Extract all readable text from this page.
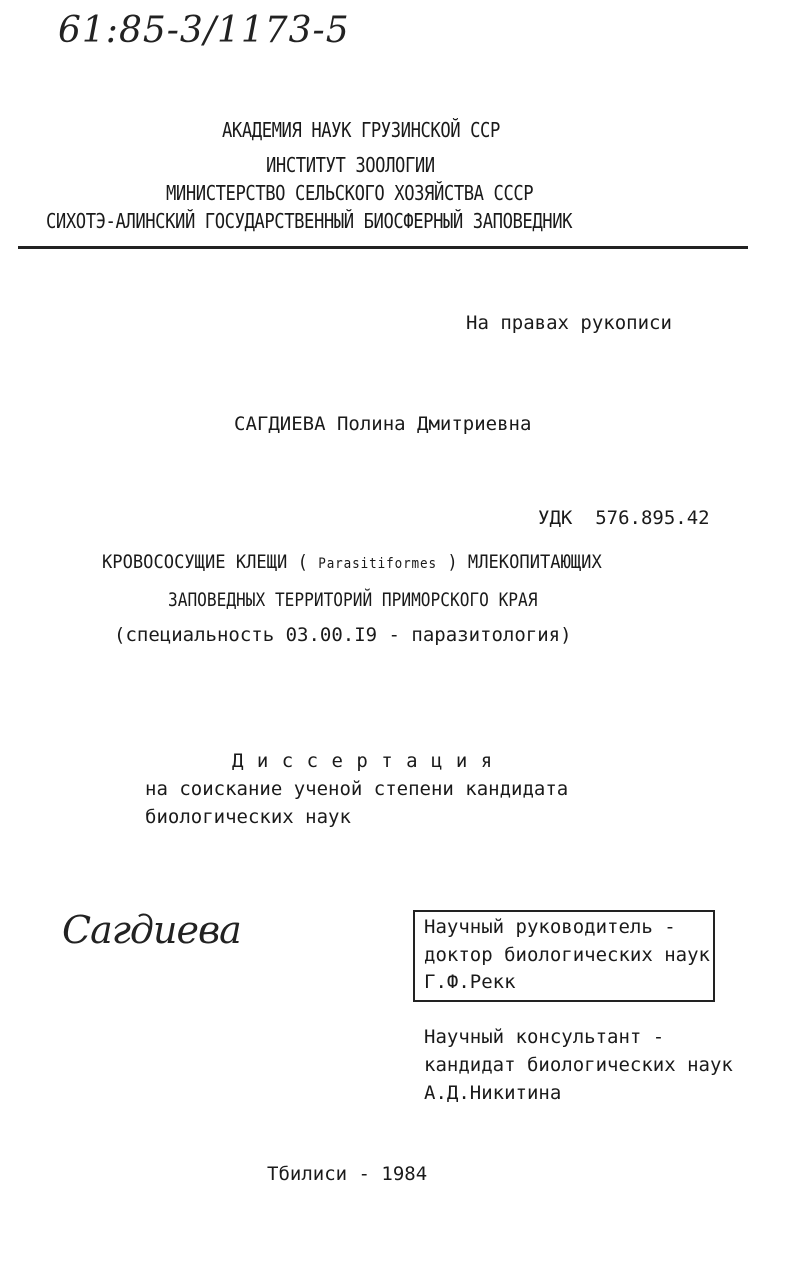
61:85-3/1173-5
АКАДЕМИЯ НАУК ГРУЗИНСКОЙ ССР
ИНСТИТУТ ЗООЛОГИИ
МИНИСТЕРСТВО СЕЛЬСКОГО ХОЗЯЙСТВА СССР
СИХОТЭ-АЛИНСКИЙ ГОСУДАРСТВЕННЫЙ БИОСФЕРНЫЙ ЗАПОВЕДНИК
На правах рукописи
САГДИЕВА Полина Дмитриевна
УДК 576.895.42
КРОВОСОСУЩИЕ КЛЕЩИ ( Parasitiformes ) МЛЕКОПИТАЮЩИХ
ЗАПОВЕДНЫХ ТЕРРИТОРИЙ ПРИМОРСКОГО КРАЯ
(специальность 03.00.I9 - паразитология)
Д и с с е р т а ц и я
на соискание ученой степени кандидата
биологических наук
Сагдиева	Научный руководитель -
доктор биологических наук
Г.Ф.Рекк
Научный консультант -
кандидат биологических наук
А.Д.Никитина
Тбилиси - 1984
